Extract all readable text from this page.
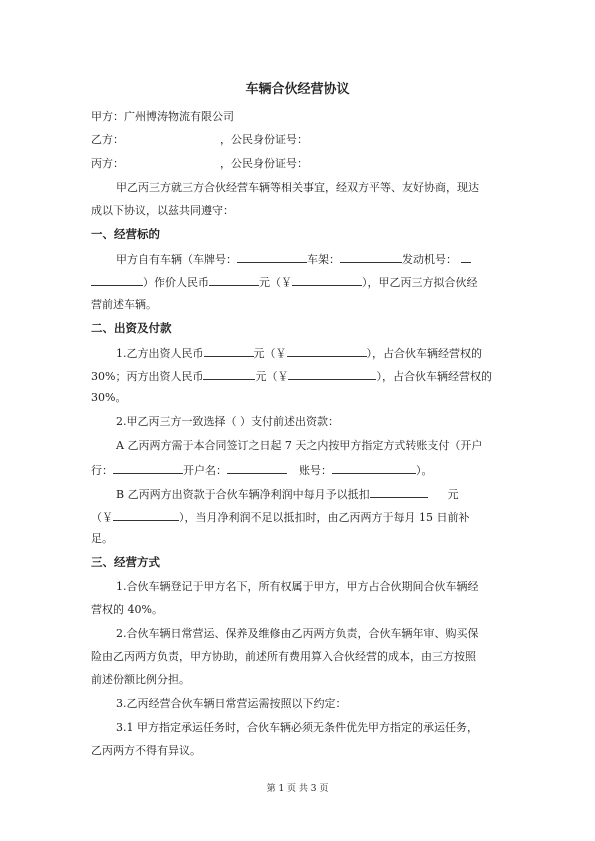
车辆合伙经营协议
甲方：广州博涛物流有限公司
乙方：	，公民身份证号：
丙方：	，公民身份证号：
甲乙丙三方就三方合伙经营车辆等相关事宜，经双方平等、友好协商，现达
成以下协议，以兹共同遵守：
一、经营标的
甲方自有车辆（车牌号：	车架：	发动机号：
）作价人民币	元（￥	），甲乙丙三方拟合伙经
营前述车辆。
二、出资及付款
1.乙方出资人民币	元（￥	），占合伙车辆经营权的
30%；丙方出资人民币	元（￥	），占合伙车辆经营权的
30%。
2.甲乙丙三方一致选择（ ）支付前述出资款：
A 乙丙两方需于本合同签订之日起 7 天之内按甲方指定方式转账支付（开户
行：	开户名：	账号：	）。
B 乙丙两方出资款于合伙车辆净利润中每月予以抵扣	元
（￥	），当月净利润不足以抵扣时，由乙丙两方于每月 15 日前补
足。
三、经营方式
1.合伙车辆登记于甲方名下，所有权属于甲方，甲方占合伙期间合伙车辆经
营权的 40%。
2.合伙车辆日常营运、保养及维修由乙丙两方负责，合伙车辆年审、购买保
险由乙丙两方负责，甲方协助，前述所有费用算入合伙经营的成本，由三方按照
前述份额比例分担。
3.乙丙经营合伙车辆日常营运需按照以下约定：
3.1 甲方指定承运任务时，合伙车辆必须无条件优先甲方指定的承运任务，
乙丙两方不得有异议。
第 1 页 共 3 页
